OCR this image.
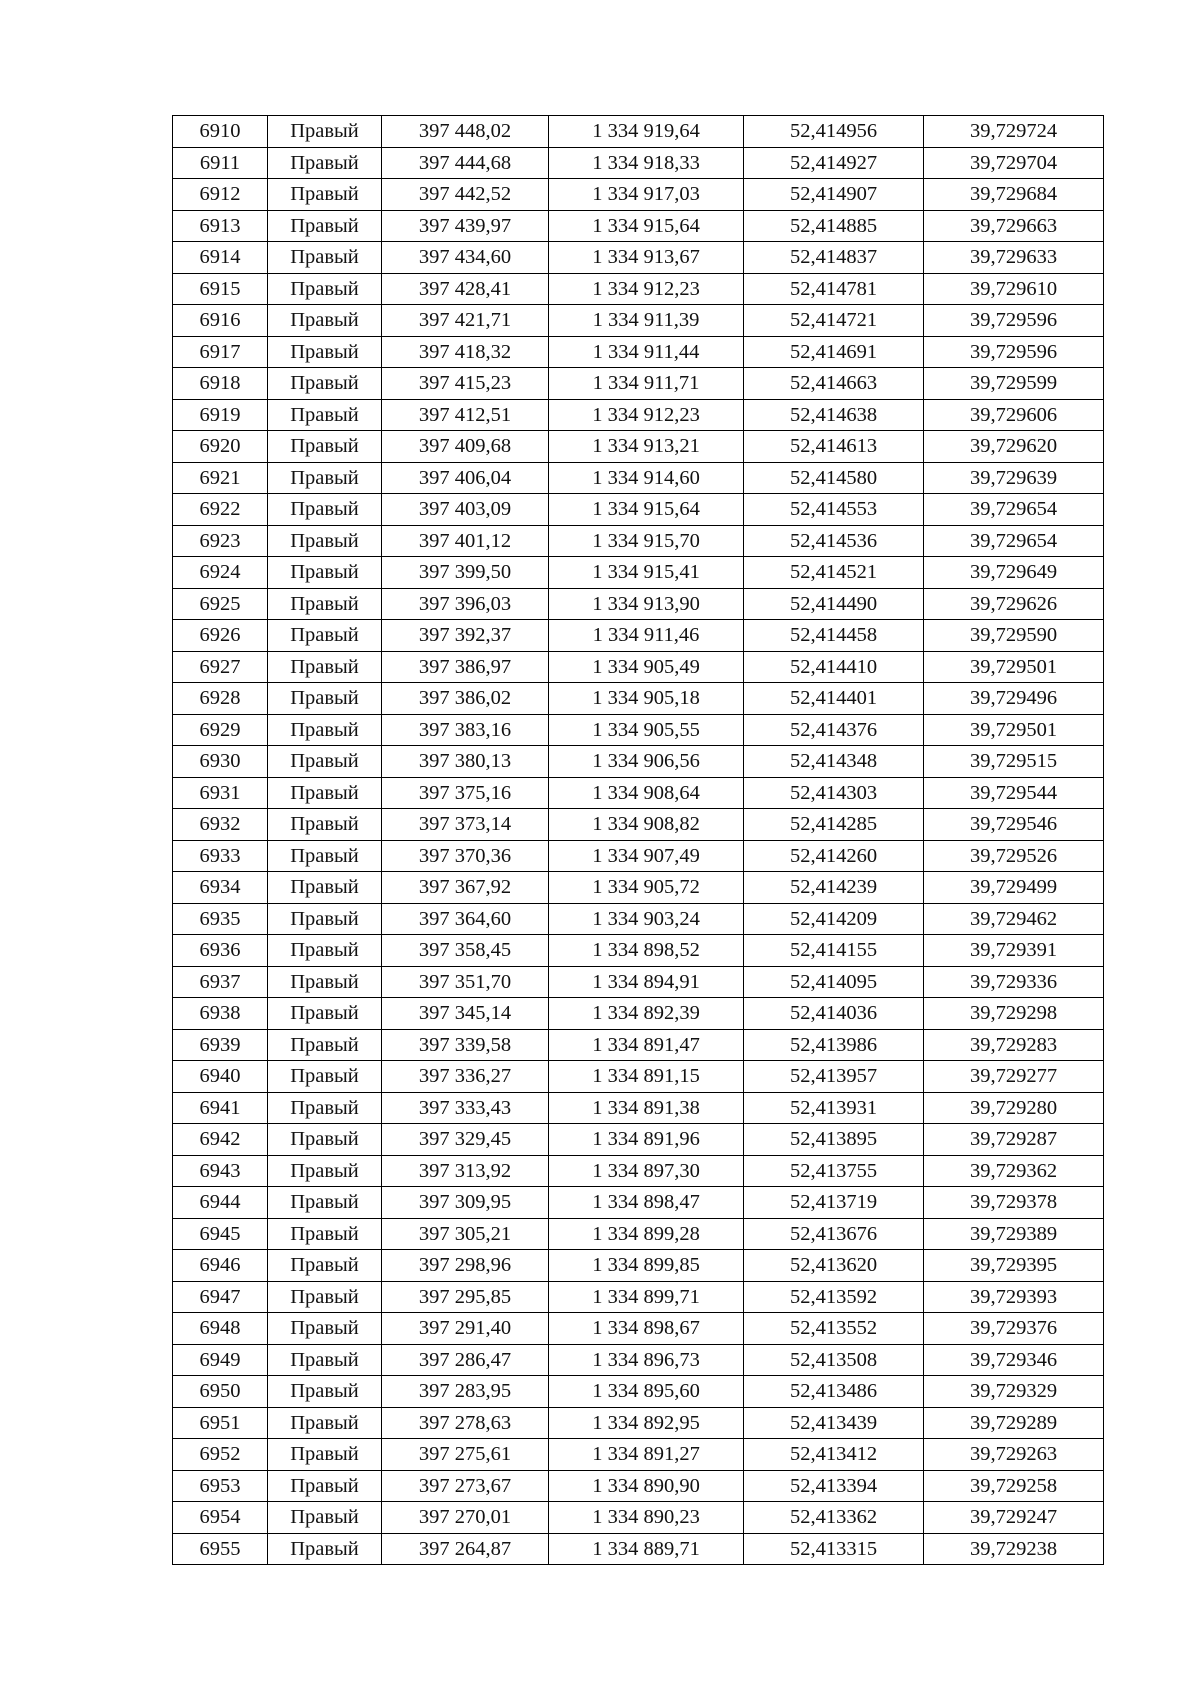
6910	Правый	397 448,02	1 334 919,64	52,414956	39,729724
6911	Правый	397 444,68	1 334 918,33	52,414927	39,729704
6912	Правый	397 442,52	1 334 917,03	52,414907	39,729684
6913	Правый	397 439,97	1 334 915,64	52,414885	39,729663
6914	Правый	397 434,60	1 334 913,67	52,414837	39,729633
6915	Правый	397 428,41	1 334 912,23	52,414781	39,729610
6916	Правый	397 421,71	1 334 911,39	52,414721	39,729596
6917	Правый	397 418,32	1 334 911,44	52,414691	39,729596
6918	Правый	397 415,23	1 334 911,71	52,414663	39,729599
6919	Правый	397 412,51	1 334 912,23	52,414638	39,729606
6920	Правый	397 409,68	1 334 913,21	52,414613	39,729620
6921	Правый	397 406,04	1 334 914,60	52,414580	39,729639
6922	Правый	397 403,09	1 334 915,64	52,414553	39,729654
6923	Правый	397 401,12	1 334 915,70	52,414536	39,729654
6924	Правый	397 399,50	1 334 915,41	52,414521	39,729649
6925	Правый	397 396,03	1 334 913,90	52,414490	39,729626
6926	Правый	397 392,37	1 334 911,46	52,414458	39,729590
6927	Правый	397 386,97	1 334 905,49	52,414410	39,729501
6928	Правый	397 386,02	1 334 905,18	52,414401	39,729496
6929	Правый	397 383,16	1 334 905,55	52,414376	39,729501
6930	Правый	397 380,13	1 334 906,56	52,414348	39,729515
6931	Правый	397 375,16	1 334 908,64	52,414303	39,729544
6932	Правый	397 373,14	1 334 908,82	52,414285	39,729546
6933	Правый	397 370,36	1 334 907,49	52,414260	39,729526
6934	Правый	397 367,92	1 334 905,72	52,414239	39,729499
6935	Правый	397 364,60	1 334 903,24	52,414209	39,729462
6936	Правый	397 358,45	1 334 898,52	52,414155	39,729391
6937	Правый	397 351,70	1 334 894,91	52,414095	39,729336
6938	Правый	397 345,14	1 334 892,39	52,414036	39,729298
6939	Правый	397 339,58	1 334 891,47	52,413986	39,729283
6940	Правый	397 336,27	1 334 891,15	52,413957	39,729277
6941	Правый	397 333,43	1 334 891,38	52,413931	39,729280
6942	Правый	397 329,45	1 334 891,96	52,413895	39,729287
6943	Правый	397 313,92	1 334 897,30	52,413755	39,729362
6944	Правый	397 309,95	1 334 898,47	52,413719	39,729378
6945	Правый	397 305,21	1 334 899,28	52,413676	39,729389
6946	Правый	397 298,96	1 334 899,85	52,413620	39,729395
6947	Правый	397 295,85	1 334 899,71	52,413592	39,729393
6948	Правый	397 291,40	1 334 898,67	52,413552	39,729376
6949	Правый	397 286,47	1 334 896,73	52,413508	39,729346
6950	Правый	397 283,95	1 334 895,60	52,413486	39,729329
6951	Правый	397 278,63	1 334 892,95	52,413439	39,729289
6952	Правый	397 275,61	1 334 891,27	52,413412	39,729263
6953	Правый	397 273,67	1 334 890,90	52,413394	39,729258
6954	Правый	397 270,01	1 334 890,23	52,413362	39,729247
6955	Правый	397 264,87	1 334 889,71	52,413315	39,729238
